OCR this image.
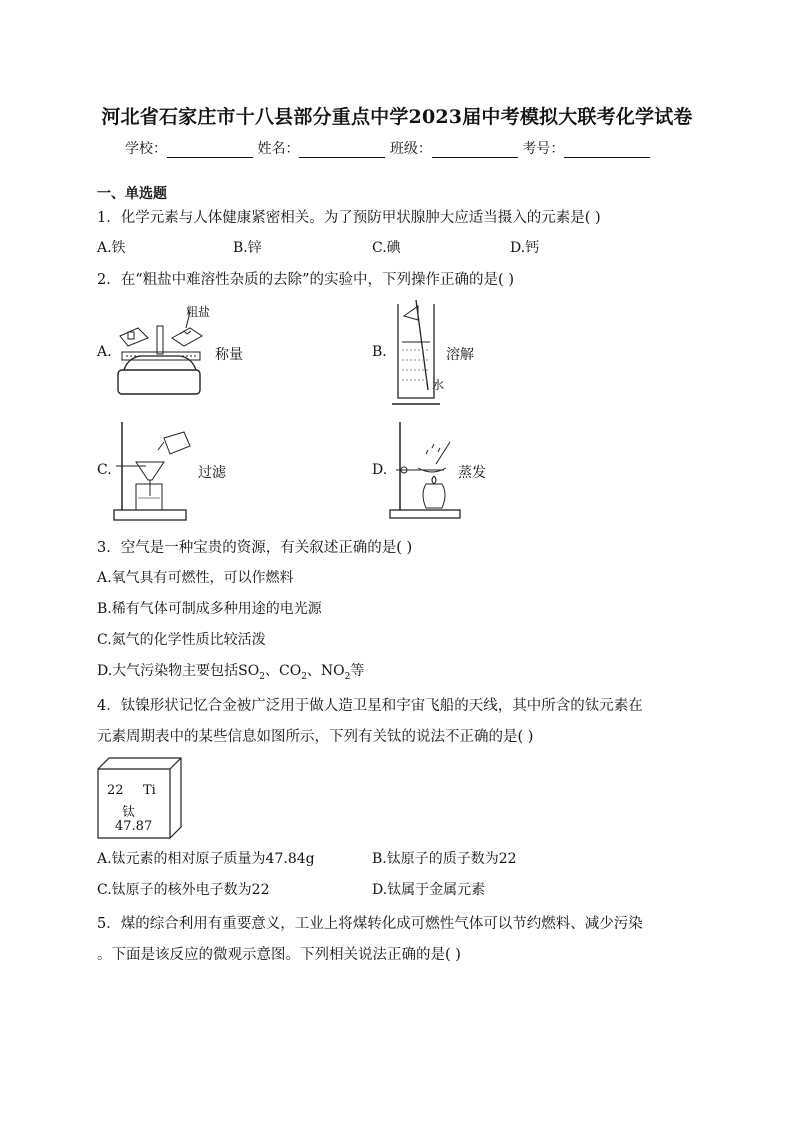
河北省石家庄市十八县部分重点中学2023届中考模拟大联考化学试卷
学校：	姓名：	班级：	考号：
一、单选题
1．化学元素与人体健康紧密相关。为了预防甲状腺肿大应适当摄入的元素是( )
A.铁	B.锌	C.碘	D.钙
2．在“粗盐中难溶性杂质的去除”的实验中，下列操作正确的是( )
A.
粗盐
称量	B.
水
溶解
C.	过滤	D.	蒸发
3．空气是一种宝贵的资源，有关叙述正确的是( )
A.氧气具有可燃性，可以作燃料
B.稀有气体可制成多种用途的电光源
C.氮气的化学性质比较活泼
D.大气污染物主要包括$SO_2$、$CO_2$、$NO_2$等
4．钛镍形状记忆合金被广泛用于做人造卫星和宇宙飞船的天线，其中所含的钛元素在
元素周期表中的某些信息如图所示，下列有关钛的说法不正确的是( )
22 Ti
钛
47.87
A.钛元素的相对原子质量为47.84g	B.钛原子的质子数为22
C.钛原子的核外电子数为22	D.钛属于金属元素
5．煤的综合利用有重要意义，工业上将煤转化成可燃性气体可以节约燃料、减少污染
。下面是该反应的微观示意图。下列相关说法正确的是( )
